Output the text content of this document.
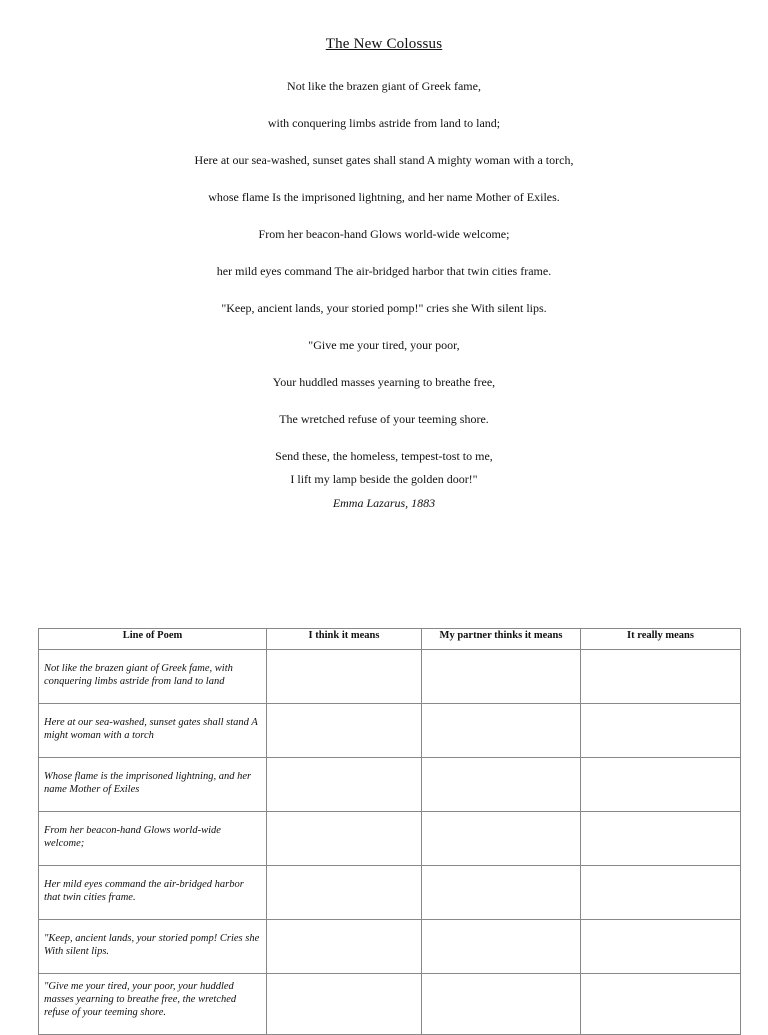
The New Colossus
Not like the brazen giant of Greek fame,
with conquering limbs astride from land to land;
Here at our sea-washed, sunset gates shall stand A mighty woman with a torch,
whose flame Is the imprisoned lightning, and her name Mother of Exiles.
From her beacon-hand Glows world-wide welcome;
her mild eyes command The air-bridged harbor that twin cities frame.
"Keep, ancient lands, your storied pomp!" cries she With silent lips.
"Give me your tired, your poor,
Your huddled masses yearning to breathe free,
The wretched refuse of your teeming shore.
Send these, the homeless, tempest-tost to me,
I lift my lamp beside the golden door!"
Emma Lazarus, 1883
Line of Poem	I think it means	My partner thinks it means	It really means
Not like the brazen giant of Greek fame, with conquering limbs astride from land to land			
Here at our sea-washed, sunset gates shall stand A might woman with a torch			
Whose flame is the imprisoned lightning, and her name Mother of Exiles			
From her beacon-hand Glows world-wide welcome;			
Her mild eyes command the air-bridged harbor that twin cities frame.			
"Keep, ancient lands, your storied pomp! Cries she With silent lips.			
"Give me your tired, your poor, your huddled masses yearning to breathe free, the wretched refuse of your teeming shore.			
